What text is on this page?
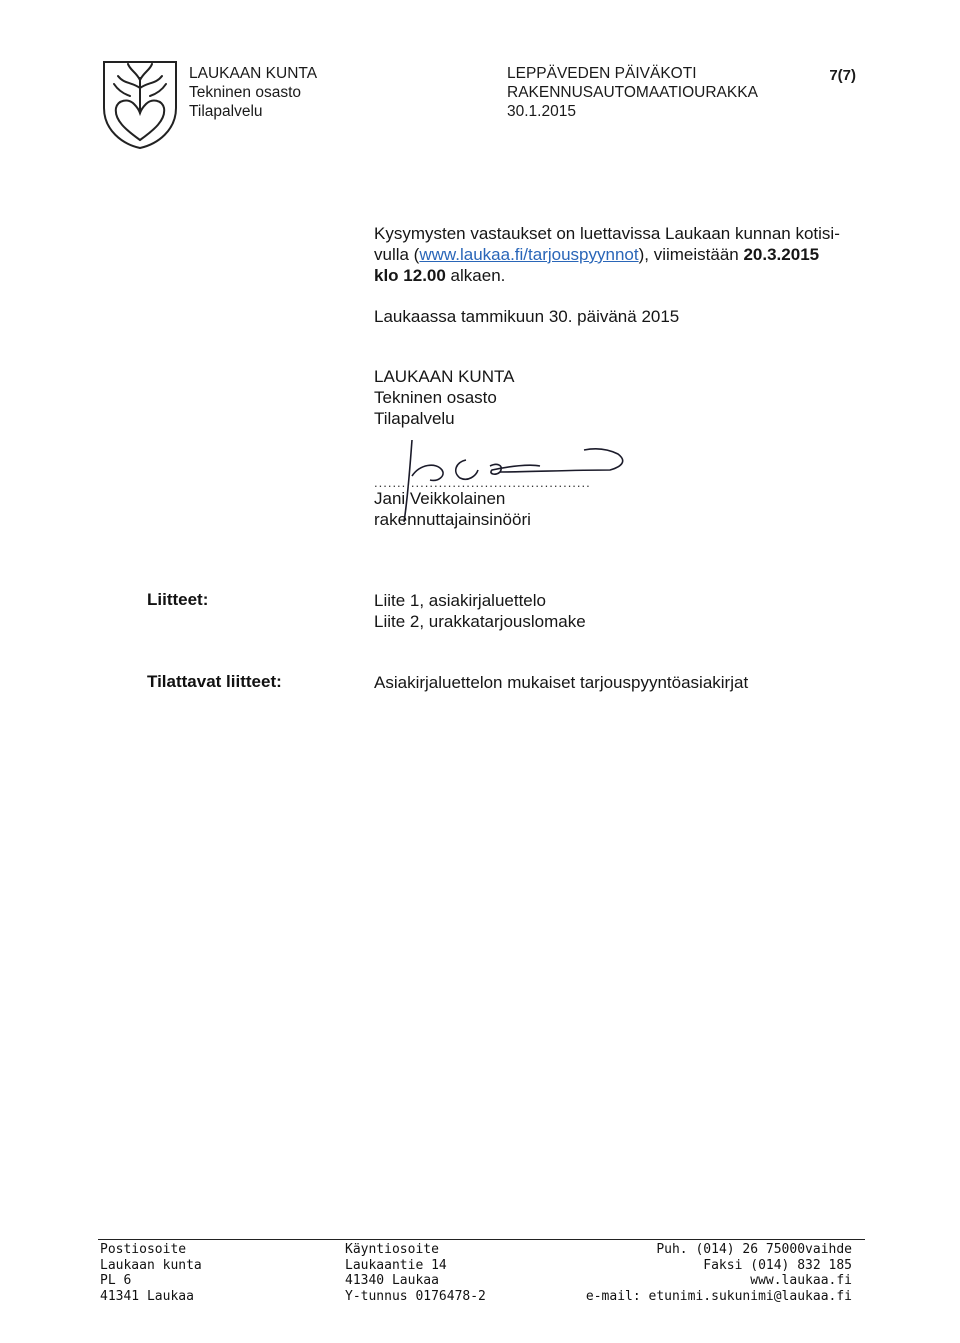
LAUKAAN KUNTA
Tekninen osasto
Tilapalvelu
LEPPÄVEDEN PÄIVÄKOTI
RAKENNUSAUTOMAATIOURAKKA
30.1.2015
7(7)
Kysymysten vastaukset on luettavissa Laukaan kunnan kotisi-
vulla (www.laukaa.fi/tarjouspyynnot), viimeistään 20.3.2015
klo 12.00 alkaen.
Laukaassa tammikuun 30. päivänä 2015
LAUKAAN KUNTA
Tekninen osasto
Tilapalvelu
...............................................
Jani Veikkolainen
rakennuttajainsinööri
Liitteet:	Liite 1, asiakirjaluettelo
Liite 2, urakkatarjouslomake
Tilattavat liitteet:	Asiakirjaluettelon mukaiset tarjouspyyntöasiakirjat
Postiosoite
Laukaan kunta
PL 6
41341 Laukaa
Käyntiosoite
Laukaantie 14
41340 Laukaa
Y-tunnus 0176478-2
Puh. (014) 26 75000vaihde
Faksi (014) 832 185
www.laukaa.fi
e-mail: etunimi.sukunimi@laukaa.fi
